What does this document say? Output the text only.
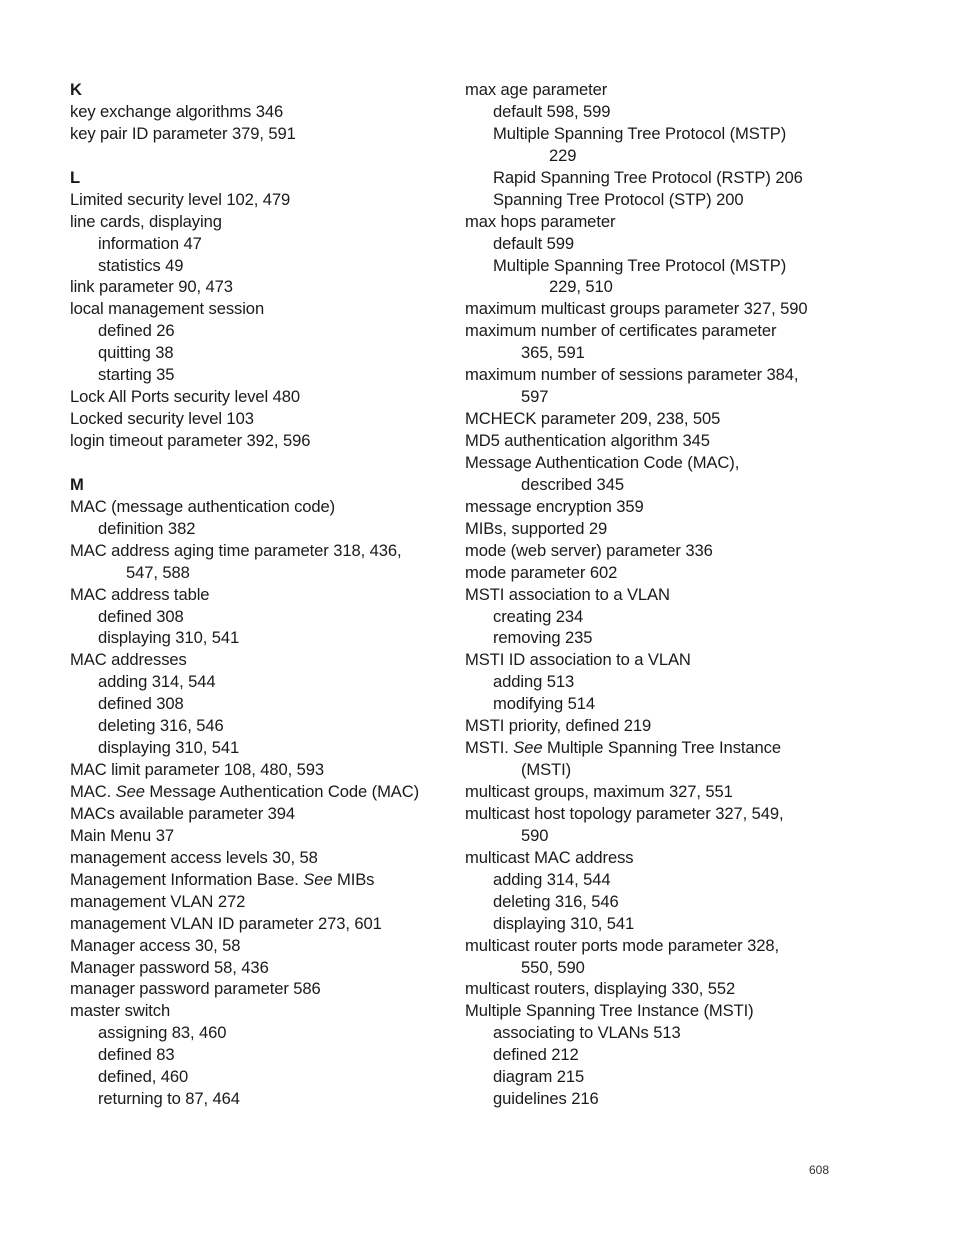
K
key exchange algorithms 346
key pair ID parameter 379, 591
L
Limited security level 102, 479
line cards, displaying
information 47
statistics 49
link parameter 90, 473
local management session
defined 26
quitting 38
starting 35
Lock All Ports security level 480
Locked security level 103
login timeout parameter 392, 596
M
MAC (message authentication code)
definition 382
MAC address aging time parameter 318, 436,
547, 588
MAC address table
defined 308
displaying 310, 541
MAC addresses
adding 314, 544
defined 308
deleting 316, 546
displaying 310, 541
MAC limit parameter 108, 480, 593
MAC. See Message Authentication Code (MAC)
MACs available parameter 394
Main Menu 37
management access levels 30, 58
Management Information Base. See MIBs
management VLAN 272
management VLAN ID parameter 273, 601
Manager access 30, 58
Manager password 58, 436
manager password parameter 586
master switch
assigning 83, 460
defined 83
defined, 460
returning to 87, 464
max age parameter
default 598, 599
Multiple Spanning Tree Protocol (MSTP)
229
Rapid Spanning Tree Protocol (RSTP) 206
Spanning Tree Protocol (STP) 200
max hops parameter
default 599
Multiple Spanning Tree Protocol (MSTP)
229, 510
maximum multicast groups parameter 327, 590
maximum number of certificates parameter
365, 591
maximum number of sessions parameter 384,
597
MCHECK parameter 209, 238, 505
MD5 authentication algorithm 345
Message Authentication Code (MAC),
described 345
message encryption 359
MIBs, supported 29
mode (web server) parameter 336
mode parameter 602
MSTI association to a VLAN
creating 234
removing 235
MSTI ID association to a VLAN
adding 513
modifying 514
MSTI priority, defined 219
MSTI. See Multiple Spanning Tree Instance
(MSTI)
multicast groups, maximum 327, 551
multicast host topology parameter 327, 549,
590
multicast MAC address
adding 314, 544
deleting 316, 546
displaying 310, 541
multicast router ports mode parameter 328,
550, 590
multicast routers, displaying 330, 552
Multiple Spanning Tree Instance (MSTI)
associating to VLANs 513
defined 212
diagram 215
guidelines 216
608
